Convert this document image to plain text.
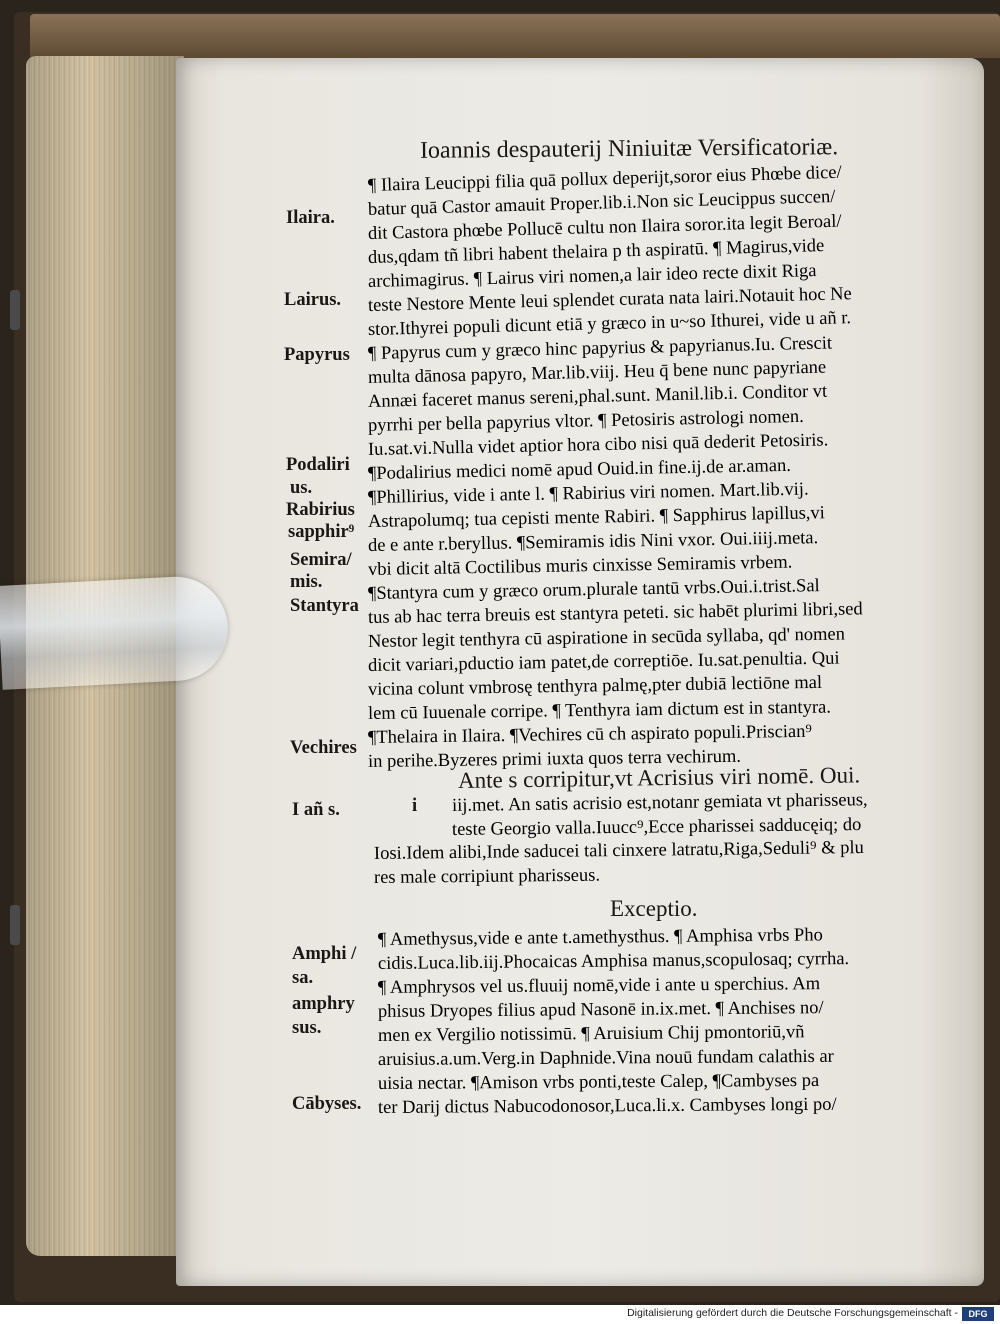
Ioannis despauterij Niniuitæ Versificatoriæ.
Ilaira.
Lairus.
Papyrus
Podaliri
us.
Rabirius
sapphir⁹
Semira/
mis.
Stantyra
Vechires
I añ s.	i
Amphi /
sa.
amphry
sus.
Cābyses.
¶ Ilaira Leucippi filia quā pollux deperijt,soror eius Phœbe dice/
batur quā Castor amauit Proper.lib.i.Non sic Leucippus succen/
dit Castora phœbe Pollucē cultu non Ilaira soror.ita legit Beroal/
dus,qdam tñ libri habent thelaira p th aspiratū. ¶ Magirus,vide
archimagirus. ¶ Lairus viri nomen,a lair ideo recte dixit Riga
teste Nestore Mente leui splendet curata nata lairi.Notauit hoc Ne
stor.Ithyrei populi dicunt etiā y græco in u~so Ithurei, vide u añ r.
¶ Papyrus cum y græco hinc papyrius & papyrianus.Iu. Crescit
multa dānosa papyro, Mar.lib.viij. Heu q̄ bene nunc papyriane
Annæi faceret manus sereni,phal.sunt. Manil.lib.i. Conditor vt
pyrrhi per bella papyrius vltor. ¶ Petosiris astrologi nomen.
Iu.sat.vi.Nulla videt aptior hora cibo nisi quā dederit Petosiris.
¶Podalirius medici nomē apud Ouid.in fine.ij.de ar.aman.
¶Phillirius, vide i ante l. ¶ Rabirius viri nomen. Mart.lib.vij.
Astrapolumq; tua cepisti mente Rabiri. ¶ Sapphirus lapillus,vi
de e ante r.beryllus. ¶Semiramis idis Nini vxor. Oui.iiij.meta.
vbi dicit altā Coctilibus muris cinxisse Semiramis vrbem.
¶Stantyra cum y græco orum.plurale tantū vrbs.Oui.i.trist.Sal
tus ab hac terra breuis est stantyra peteti. sic habēt plurimi libri,sed
Nestor legit tenthyra cū aspiratione in secūda syllaba, qd' nomen
dicit variari,pductio iam patet,de correptiōe. Iu.sat.penultia. Qui
vicina colunt vmbrosę tenthyra palmę,pter dubiā lectiōne mal
lem cū Iuuenale corripe. ¶ Tenthyra iam dictum est in stantyra.
¶Thelaira in Ilaira. ¶Vechires cū ch aspirato populi.Priscian⁹
in perihe.Byzeres primi iuxta quos terra vechirum.
Ante s corripitur,vt Acrisius viri nomē. Oui.
iij.met. An satis acrisio est,notanr gemiata vt pharisseus,
teste Georgio valla.Iuucc⁹,Ecce pharissei sadducęiq; do
Iosi.Idem alibi,Inde saducei tali cinxere latratu,Riga,Seduli⁹ & plu
res male corripiunt pharisseus.
Exceptio.
¶ Amethysus,vide e ante t.amethysthus. ¶ Amphisa vrbs Pho
cidis.Luca.lib.iij.Phocaicas Amphisa manus,scopulosaq; cyrrha.
¶ Amphrysos vel us.fluuij nomē,vide i ante u sperchius. Am
phisus Dryopes filius apud Nasonē in.ix.met. ¶ Anchises no/
men ex Vergilio notissimū. ¶ Aruisium Chij pmontoriū,vñ
aruisius.a.um.Verg.in Daphnide.Vina nouū fundam calathis ar
uisia nectar. ¶Amison vrbs ponti,teste Calep, ¶Cambyses pa
ter Darij dictus Nabucodonosor,Luca.li.x. Cambyses longi po/
Digitalisierung gefördert durch die Deutsche Forschungsgemeinschaft -	DFG
